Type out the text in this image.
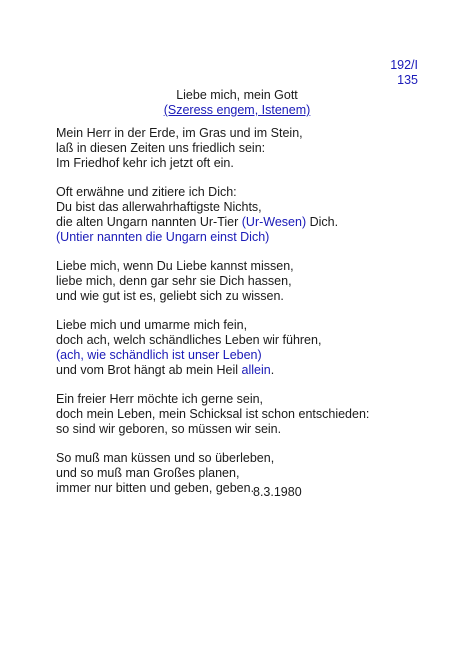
192/I
135
Liebe mich, mein Gott
(Szeress engem, Istenem)
Mein Herr in der Erde, im Gras und im Stein,
laß in diesen Zeiten uns friedlich sein:
Im Friedhof kehr ich jetzt oft ein.
Oft erwähne und zitiere ich Dich:
Du bist das allerwahrhaftigste Nichts,
die alten Ungarn nannten Ur-Tier (Ur-Wesen) Dich.
(Untier nannten die Ungarn einst Dich)
Liebe mich, wenn Du Liebe kannst missen,
liebe mich, denn gar sehr sie Dich hassen,
und wie gut ist es, geliebt sich zu wissen.
Liebe mich und umarme mich fein,
doch ach, welch schändliches Leben wir führen,
(ach, wie schändlich ist unser Leben)
und vom Brot hängt ab mein Heil allein.
Ein freier Herr möchte ich gerne sein,
doch mein Leben, mein Schicksal ist schon entschieden:
so sind wir geboren, so müssen wir sein.
So muß man küssen und so überleben,
und so muß man Großes planen,
immer nur bitten und geben, geben.
8.3.1980
